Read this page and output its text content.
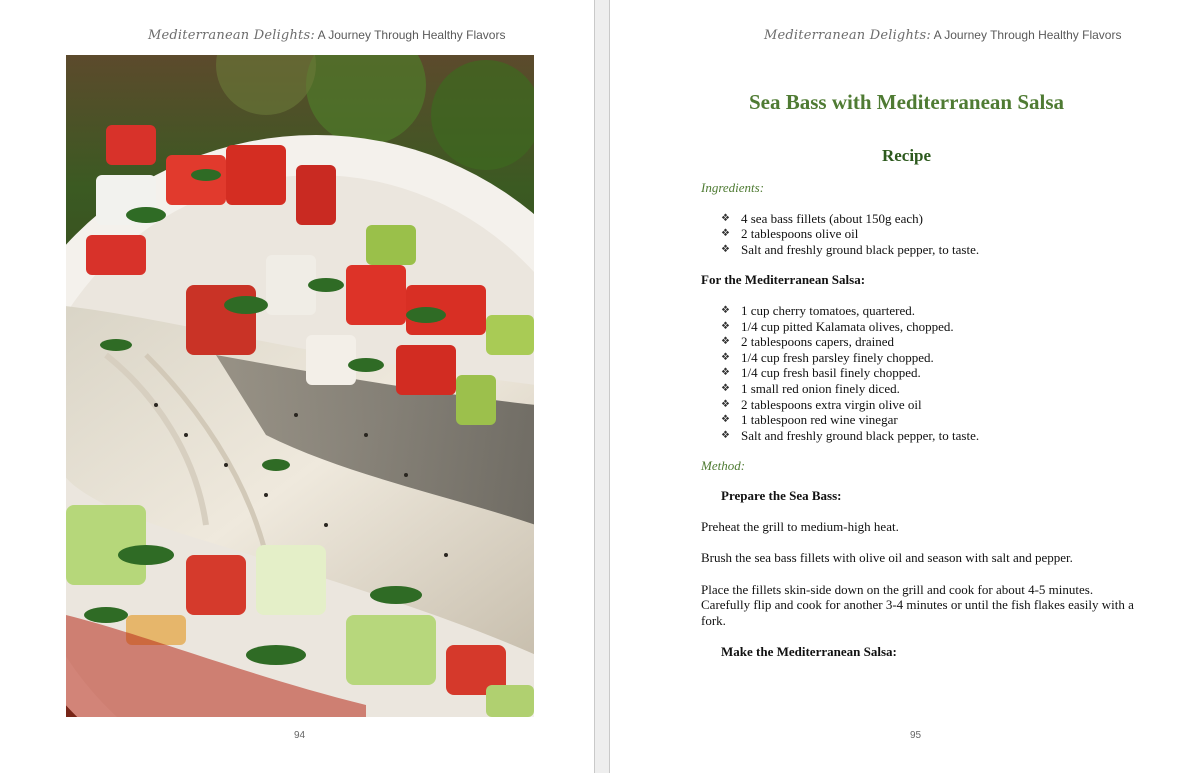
Mediterranean Delights: A Journey Through Healthy Flavors
94
Mediterranean Delights: A Journey Through Healthy Flavors
Sea Bass with Mediterranean Salsa
Recipe

Ingredients:

❖ 4 sea bass fillets (about 150g each)
❖ 2 tablespoons olive oil
❖ Salt and freshly ground black pepper, to taste.

For the Mediterranean Salsa:

❖ 1 cup cherry tomatoes, quartered.
❖ 1/4 cup pitted Kalamata olives, chopped.
❖ 2 tablespoons capers, drained
❖ 1/4 cup fresh parsley finely chopped.
❖ 1/4 cup fresh basil finely chopped.
❖ 1 small red onion finely diced.
❖ 2 tablespoons extra virgin olive oil
❖ 1 tablespoon red wine vinegar
❖ Salt and freshly ground black pepper, to taste.

Method:

Prepare the Sea Bass:

Preheat the grill to medium-high heat.

Brush the sea bass fillets with olive oil and season with salt and pepper.

Place the fillets skin-side down on the grill and cook for about 4-5 minutes. Carefully flip and cook for another 3-4 minutes or until the fish flakes easily with a fork.

Make the Mediterranean Salsa:

95
